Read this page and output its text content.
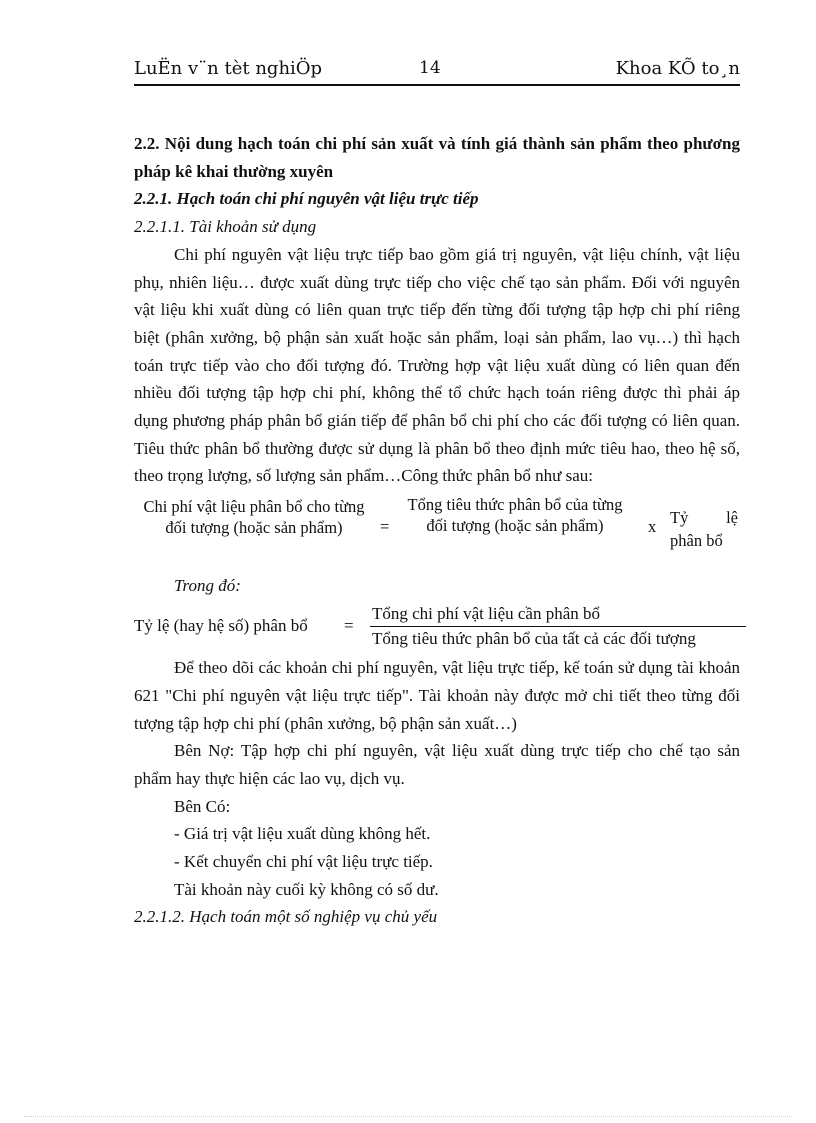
LuËn v¨n tèt nghiÖp	14	Khoa KÕ to¸n

2.2. Nội dung hạch toán chi phí sản xuất và tính giá thành sản phẩm theo phương pháp kê khai thường xuyên

2.2.1. Hạch toán chi phí nguyên vật liệu trực tiếp

2.2.1.1. Tài khoản sử dụng

Chi phí nguyên vật liệu trực tiếp bao gồm giá trị nguyên, vật liệu chính, vật liệu phụ, nhiên liệu… được xuất dùng trực tiếp cho việc chế tạo sản phẩm. Đối với nguyên vật liệu khi xuất dùng có liên quan trực tiếp đến từng đối tượng tập hợp chi phí riêng biệt (phân xưởng, bộ phận sản xuất hoặc sản phẩm, loại sản phẩm, lao vụ…) thì hạch toán trực tiếp vào cho đối tượng đó. Trường hợp vật liệu xuất dùng có liên quan đến nhiều đối tượng tập hợp chi phí, không thể tổ chức hạch toán riêng được thì phải áp dụng phương pháp phân bổ gián tiếp để phân bổ chi phí cho các đối tượng có liên quan. Tiêu thức phân bổ thường được sử dụng là phân bổ theo định mức tiêu hao, theo hệ số, theo trọng lượng, số lượng sản phẩm…Công thức phân bổ như sau:

Chi phí vật liệu phân bổ cho từng đối tượng (hoặc sản phẩm)	=
Tổng tiêu thức phân bổ của từng đối tượng (hoặc sản phẩm)	x Tỷ lệ
phân bổ

Trong đó:

Tỷ lệ (hay hệ số) phân bổ =
Tổng chi phí vật liệu cần phân bổ
Tổng tiêu thức phân bổ của tất cả các đối tượng

Để theo dõi các khoản chi phí nguyên, vật liệu trực tiếp, kế toán sử dụng tài khoản 621 "Chi phí nguyên vật liệu trực tiếp". Tài khoản này được mở chi tiết theo từng đối tượng tập hợp chi phí (phân xưởng, bộ phận sản xuất…)

Bên Nợ: Tập hợp chi phí nguyên, vật liệu xuất dùng trực tiếp cho chế tạo sản phẩm hay thực hiện các lao vụ, dịch vụ.

Bên Có:

- Giá trị vật liệu xuất dùng không hết.

- Kết chuyển chi phí vật liệu trực tiếp.

Tài khoản này cuối kỳ không có số dư.

2.2.1.2. Hạch toán một số nghiệp vụ chủ yếu
